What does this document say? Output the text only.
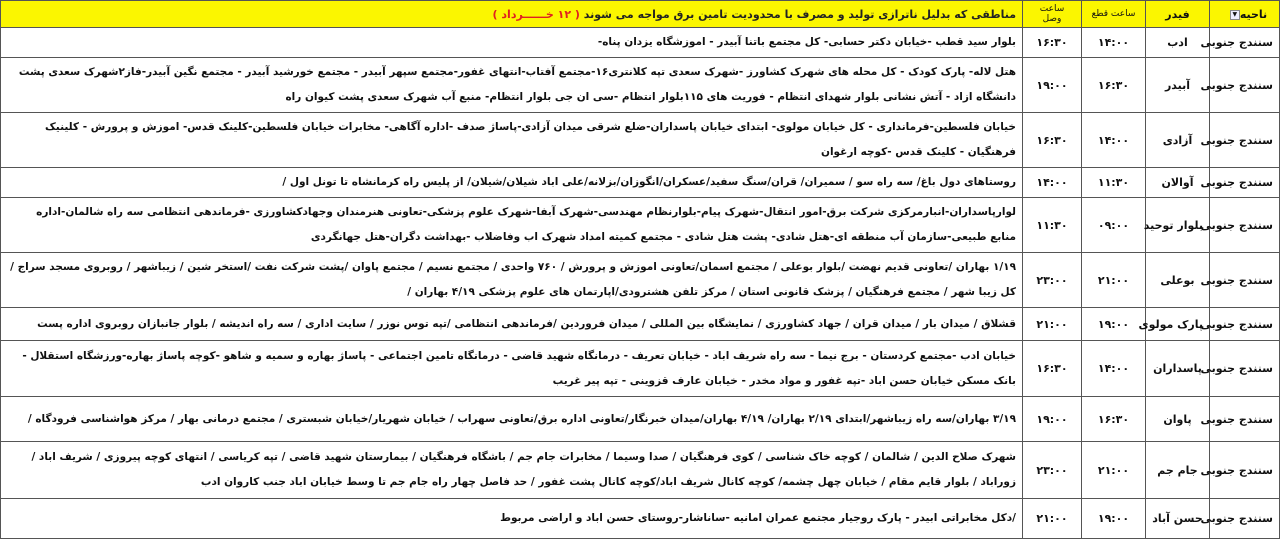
ناحیه▼	فیدر	ساعت قطع	ساعت وصل	مناطقی که بدلیل ناترازی تولید و مصرف با محدودیت تامین برق مواجه می شوند ( ۱۲ خــــــرداد )
سنندج جنوبی	ادب	۱۴:۰۰	۱۶:۳۰	بلوار سید قطب -خیابان دکتر حسابی- کل مجتمع باتنا آبیدر - اموزشگاه یزدان پناه-
سنندج جنوبی	آبیدر	۱۶:۳۰	۱۹:۰۰	هتل لاله- پارک کودک - کل محله های شهرک کشاورز -شهرک سعدی تپه کلانتری۱۶-مجتمع آفتاب-انتهای غفور-مجتمع سپهر آبیدر - مجتمع خورشید آبیدر - مجتمع نگین آبیدر-فاز۲شهرک سعدی پشت دانشگاه ازاد - آتش نشانی بلوار شهدای انتظام - فوریت های ۱۱۵بلوار انتظام -سی ان جی بلوار انتظام- منبع آب شهرک سعدی پشت کیوان راه
سنندج جنوبی	آزادی	۱۴:۰۰	۱۶:۳۰	خیابان فلسطین-فرمانداری - کل خیابان مولوی- ابتدای خیابان پاسداران-ضلع شرقی میدان آزادی-پاساژ صدف -اداره آگاهی- مخابرات خیابان فلسطین-کلینک قدس- اموزش و پرورش - کلینیک فرهنگیان - کلینک قدس -کوچه ارغوان
سنندج جنوبی	آوالان	۱۱:۳۰	۱۴:۰۰	روستاهای دول باغ/ سه راه سو / سمیران/ قران/سنگ سفید/عسکران/انگوزان/بزلانه/علی اباد شیلان/شیلان/ از پلیس راه کرمانشاه تا تونل اول /
سنندج جنوبی	بلوار توحید	۰۹:۰۰	۱۱:۳۰	لوارپاسداران-انبارمرکزی شرکت برق-امور انتقال-شهرک پیام-بلوارنظام مهندسی-شهرک آبفا-شهرک علوم پزشکی-تعاونی هنرمندان وجهادکشاورزی -فرماندهی انتظامی سه راه شالمان-اداره منابع طبیعی-سازمان آب منطقه ای-هتل شادی- پشت هتل شادی - مجتمع کمیته امداد شهرک اب وفاضلاب -بهداشت دگران-هتل جهانگردی
سنندج جنوبی	بوعلی	۲۱:۰۰	۲۳:۰۰	۱/۱۹ بهاران /تعاونی قدیم نهضت /بلوار بوعلی / مجتمع اسمان/تعاونی اموزش و پرورش / ۷۶۰ واحدی / مجتمع نسیم / مجتمع پاوان /پشت شرکت نفت /استخر شین / زیباشهر / روبروی مسجد سراج / کل زیبا شهر / مجتمع فرهنگیان / پزشک قانونی استان / مرکز تلفن هشترودی/اپارتمان های علوم پزشکی ۴/۱۹ بهاران /
سنندج جنوبی	پارک مولوی	۱۹:۰۰	۲۱:۰۰	قشلاق / میدان بار / میدان قران / جهاد کشاورزی / نمایشگاه بین المللی / میدان فروردین /فرماندهی انتظامی /تپه توس نوزر / سایت اداری / سه راه اندیشه / بلوار جانبازان روبروی اداره پست
سنندج جنوبی	پاسداران	۱۴:۰۰	۱۶:۳۰	خیابان ادب -مجتمع کردستان - برج نیما - سه راه شریف اباد - خیابان تعریف - درمانگاه شهید قاضی - درمانگاه تامین اجتماعی - پاساژ بهاره و سمیه و شاهو -کوچه پاساژ بهاره-ورزشگاه استقلال - بانک مسکن خیابان حسن اباد -تپه غفور و مواد مخدر - خیابان عارف قزوینی - تپه پیر غریب
سنندج جنوبی	پاوان	۱۶:۳۰	۱۹:۰۰	۳/۱۹ بهاران/سه راه زیباشهر/ابتدای ۲/۱۹ بهاران/ ۴/۱۹ بهاران/میدان خبرنگار/تعاونی اداره برق/تعاونی سهراب / خیابان شهریار/خیابان شبستری / مجتمع درمانی بهار / مرکز هواشناسی فرودگاه /
سنندج جنوبی	جام جم	۲۱:۰۰	۲۳:۰۰	شهرک صلاح الدین / شالمان / کوچه خاک شناسی / کوی فرهنگیان / صدا وسیما / مخابرات جام جم / باشگاه فرهنگیان / بیمارستان شهید قاضی / تپه کریاسی / انتهای کوچه پیروزی / شریف اباد / زوراباد / بلوار قایم مقام / خیابان چهل چشمه/ کوچه کانال شریف اباد/کوچه کانال پشت غفور / حد فاصل چهار راه جام جم تا وسط خیابان اباد جنب کاروان ادب
سنندج جنوبی	حسن آباد	۱۹:۰۰	۲۱:۰۰	/دکل مخابراتی ابیدر - پارک روجیار مجتمع عمران امانیه -ساناشار-روستای حسن اباد و اراضی مربوط
